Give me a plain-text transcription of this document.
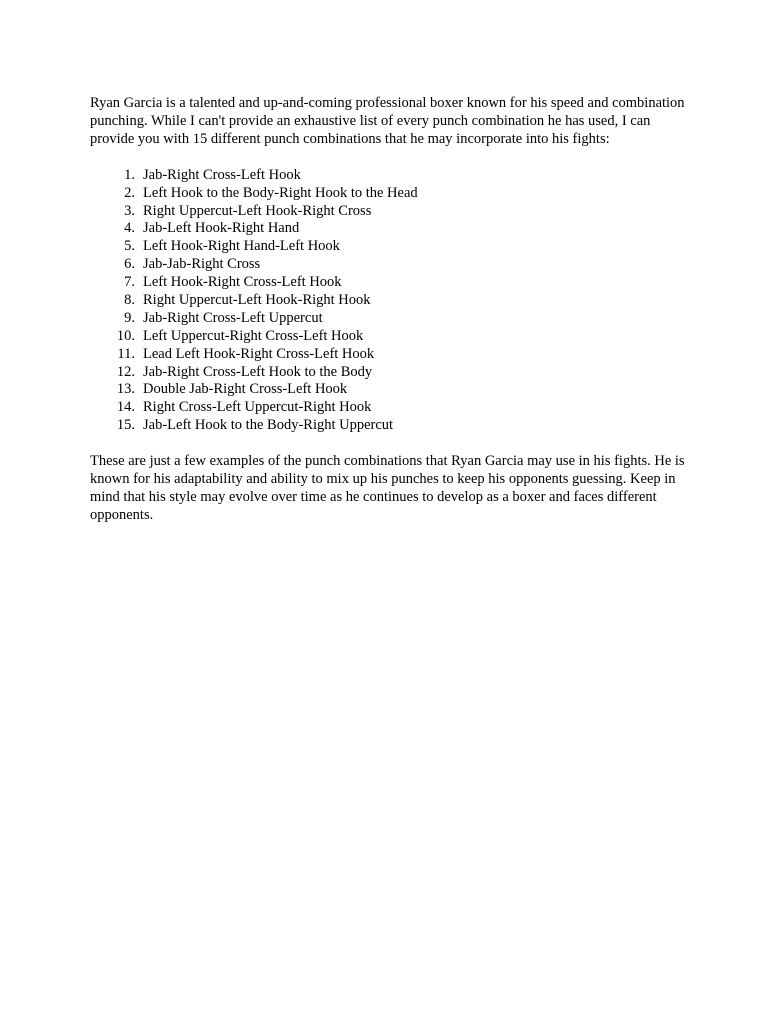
Ryan Garcia is a talented and up-and-coming professional boxer known for his speed and combination punching. While I can't provide an exhaustive list of every punch combination he has used, I can provide you with 15 different punch combinations that he may incorporate into his fights:

1. Jab-Right Cross-Left Hook
2. Left Hook to the Body-Right Hook to the Head
3. Right Uppercut-Left Hook-Right Cross
4. Jab-Left Hook-Right Hand
5. Left Hook-Right Hand-Left Hook
6. Jab-Jab-Right Cross
7. Left Hook-Right Cross-Left Hook
8. Right Uppercut-Left Hook-Right Hook
9. Jab-Right Cross-Left Uppercut
10. Left Uppercut-Right Cross-Left Hook
11. Lead Left Hook-Right Cross-Left Hook
12. Jab-Right Cross-Left Hook to the Body
13. Double Jab-Right Cross-Left Hook
14. Right Cross-Left Uppercut-Right Hook
15. Jab-Left Hook to the Body-Right Uppercut

These are just a few examples of the punch combinations that Ryan Garcia may use in his fights. He is known for his adaptability and ability to mix up his punches to keep his opponents guessing. Keep in mind that his style may evolve over time as he continues to develop as a boxer and faces different opponents.
